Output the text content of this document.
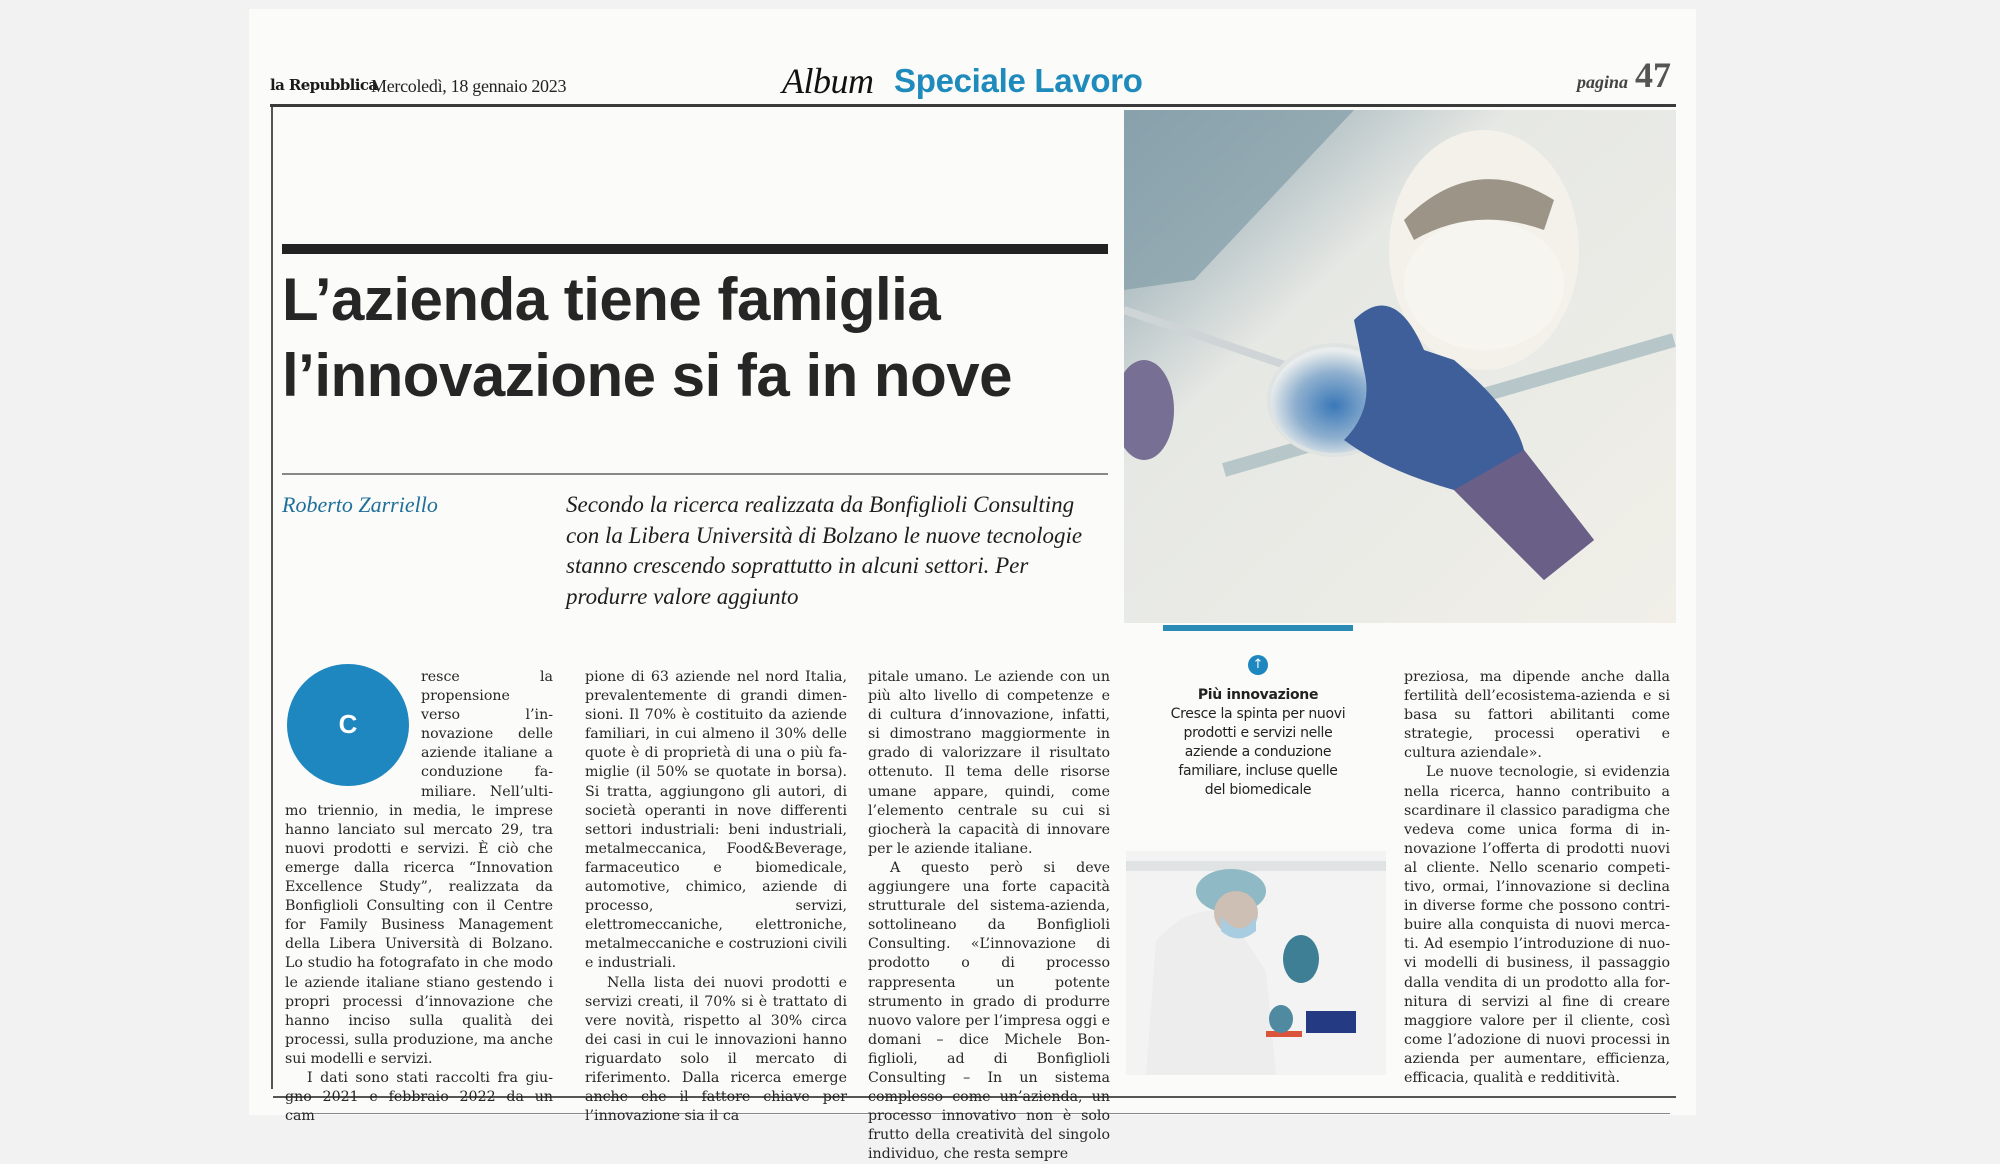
la Repubblica
Mercoledì, 18 gennaio 2023	Album Speciale Lavoro	pagina 47
L’azienda tiene famiglia
l’innovazione si fa in nove
Roberto Zarriello	Secondo la ricerca realizzata da Bonfiglioli Consulting con la Libera Università di Bolzano le nuove tecnologie stanno crescendo soprattutto in alcuni settori. Per produrre valore aggiunto
C

resce la propensione verso l’innovazione delle aziende italiane a conduzione familiare. Nell’ultimo triennio, in media, le imprese hanno lanciato sul mercato 29, tra nuovi prodotti e servizi. È ciò che emerge dalla ricerca “Innovation Excellence Study”, realizzata da Bonfiglioli Consulting con il Centre for Family Business Management della Libera Università di Bolzano. Lo studio ha fotografato in che modo le aziende italiane stiano gestendo i propri processi d’innovazione che hanno inciso sulla qualità dei processi, sulla produzione, ma anche sui modelli e servizi.

I dati sono stati raccolti fra giugno 2021 e febbraio 2022 da un cam

pione di 63 aziende nel nord Italia, prevalentemente di grandi dimensioni. Il 70% è costituito da aziende familiari, in cui almeno il 30% delle quote è di proprietà di una o più famiglie (il 50% se quotate in borsa). Si tratta, aggiungono gli autori, di società operanti in nove differenti settori industriali: beni industriali, metalmeccanica, Food&Beverage, farmaceutico e biomedicale, automotive, chimico, aziende di processo, servizi, elettromeccaniche, elettroniche, metalmeccaniche e costruzioni civili e industriali.

Nella lista dei nuovi prodotti e servizi creati, il 70% si è trattato di vere novità, rispetto al 30% circa dei casi in cui le innovazioni hanno riguardato solo il mercato di riferimento. Dalla ricerca emerge anche che il fattore chiave per l’innovazione sia il ca

pitale umano. Le aziende con un più alto livello di competenze e di cultura d’innovazione, infatti, si dimostrano maggiormente in grado di valorizzare il risultato ottenuto. Il tema delle risorse umane appare, quindi, come l’elemento centrale su cui si giocherà la capacità di innovare per le aziende italiane.

A questo però si deve aggiungere una forte capacità strutturale del sistema-azienda, sottolineano da Bonfiglioli Consulting. «L’innovazione di prodotto o di processo rappresenta un potente strumento in grado di produrre nuovo valore per l’impresa oggi e domani – dice Michele Bonfiglioli, ad di Bonfiglioli Consulting – In un sistema complesso come un’azienda, un processo innovativo non è solo frutto della creatività del singolo individuo, che resta sempre

preziosa, ma dipende anche dalla fertilità dell’ecosistema-azienda e si basa su fattori abilitanti come strategie, processi operativi e cultura aziendale».

Le nuove tecnologie, si evidenzia nella ricerca, hanno contribuito a scardinare il classico paradigma che vedeva come unica forma di innovazione l’offerta di prodotti nuovi al cliente. Nello scenario competitivo, ormai, l’innovazione si declina in diverse forme che possono contribuire alla conquista di nuovi mercati. Ad esempio l’introduzione di nuovi modelli di business, il passaggio dalla vendita di un prodotto alla fornitura di servizi al fine di creare maggiore valore per il cliente, così come l’adozione di nuovi processi in azienda per aumentare, efficienza, efficacia, qualità e redditività.

↑
Più innovazione
Cresce la spinta per nuovi prodotti e servizi nelle aziende a conduzione familiare, incluse quelle del biomedicale
